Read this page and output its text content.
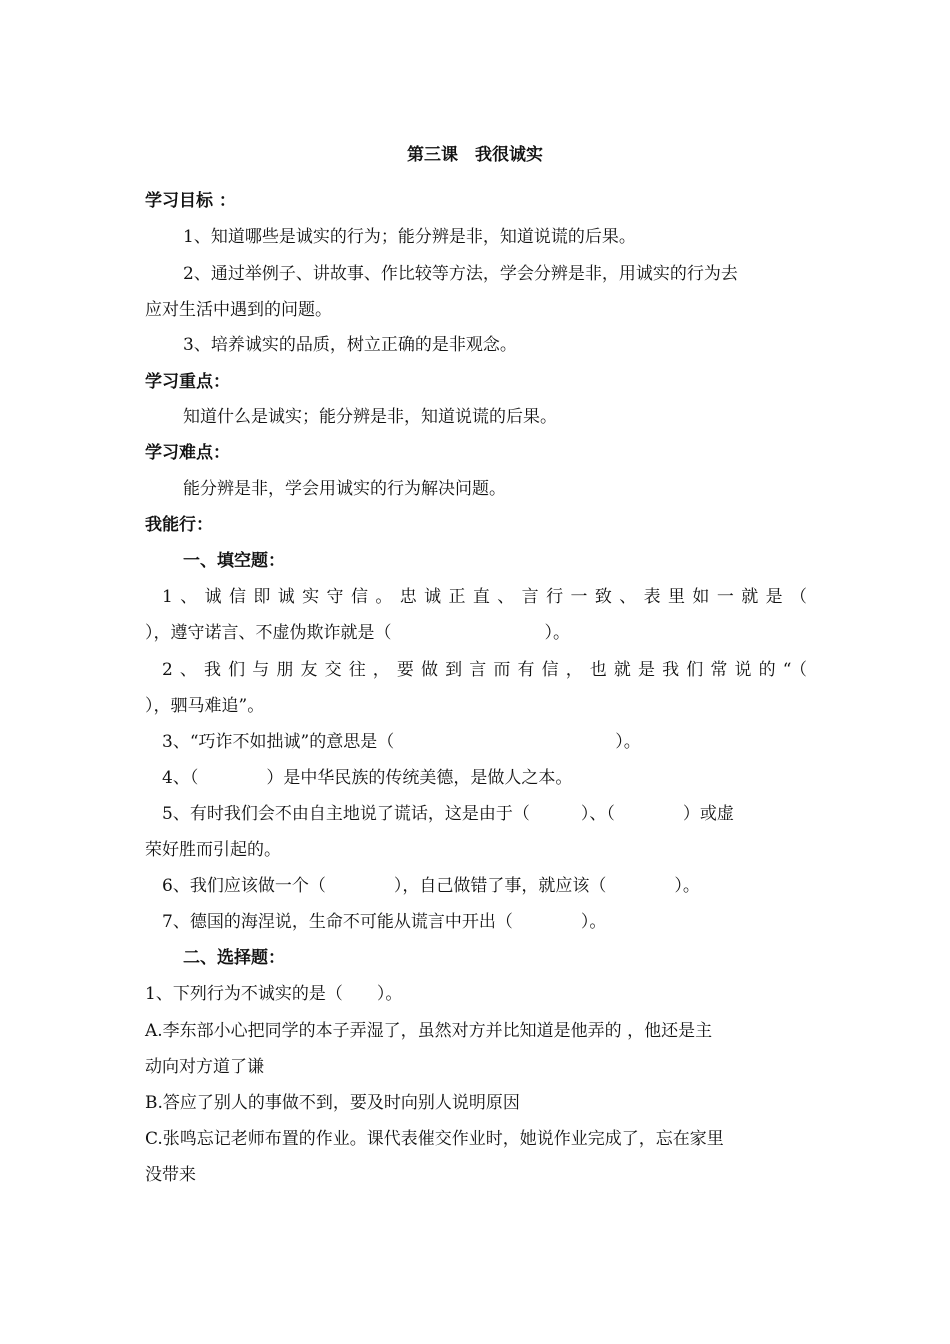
第三课　我很诚实
学习目标 ：
1、知道哪些是诚实的行为；能分辨是非，知道说谎的后果。
2、通过举例子、讲故事、作比较等方法，学会分辨是非，用诚实的行为去
应对生活中遇到的问题。
3、培养诚实的品质，树立正确的是非观念。
学习重点：
知道什么是诚实；能分辨是非，知道说谎的后果。
学习难点：
能分辨是非，学会用诚实的行为解决问题。
我能行：
一、填空题：
1、诚信即诚实守信。忠诚正直、言行一致、表里如一就是（
），遵守诺言、不虚伪欺诈就是（　　　　　　　　　）。
2、我们与朋友交往，要做到言而有信，也就是我们常说的“（
），驷马难追”。
3、“巧诈不如拙诚”的意思是（　　　　　　　　　　　　　）。
4、（　　　　）是中华民族的传统美德，是做人之本。
5、有时我们会不由自主地说了谎话，这是由于（　　　）、（　　　　）或虚
荣好胜而引起的。
6、我们应该做一个（　　　　），自己做错了事，就应该（　　　　）。
7、德国的海涅说，生命不可能从谎言中开出（　　　　）。
二、选择题：
1、下列行为不诚实的是（　　）。
A.李东部小心把同学的本子弄湿了，虽然对方并比知道是他弄的 ，他还是主
动向对方道了谦
B.答应了别人的事做不到，要及时向别人说明原因
C.张鸣忘记老师布置的作业。课代表催交作业时，她说作业完成了，忘在家里
没带来
